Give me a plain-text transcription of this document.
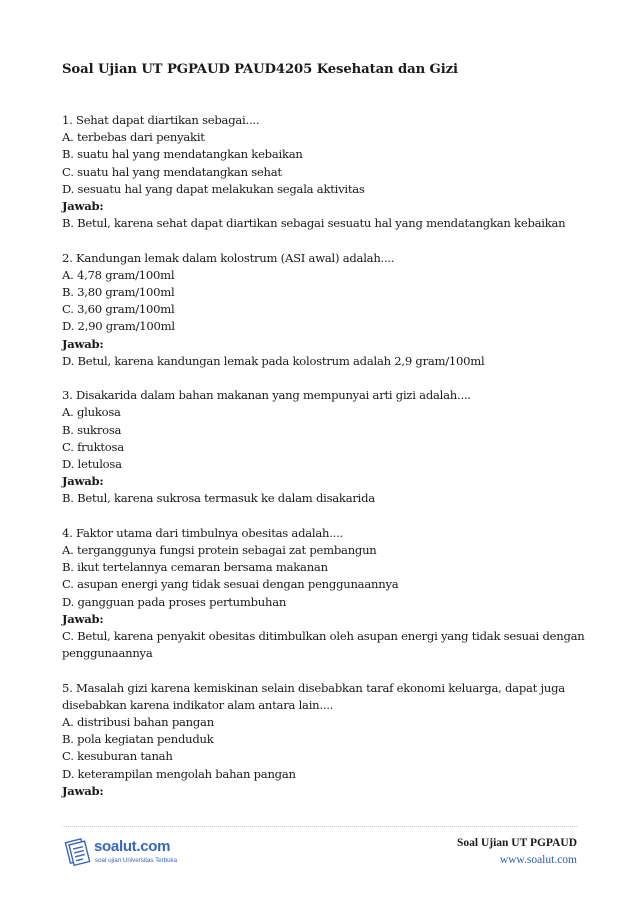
Soal Ujian UT PGPAUD PAUD4205 Kesehatan dan Gizi
1. Sehat dapat diartikan sebagai....
A. terbebas dari penyakit
B. suatu hal yang mendatangkan kebaikan
C. suatu hal yang mendatangkan sehat
D. sesuatu hal yang dapat melakukan segala aktivitas
Jawab:
B. Betul, karena sehat dapat diartikan sebagai sesuatu hal yang mendatangkan kebaikan
2. Kandungan lemak dalam kolostrum (ASI awal) adalah....
A. 4,78 gram/100ml
B. 3,80 gram/100ml
C. 3,60 gram/100ml
D. 2,90 gram/100ml
Jawab:
D. Betul, karena kandungan lemak pada kolostrum adalah 2,9 gram/100ml
3. Disakarida dalam bahan makanan yang mempunyai arti gizi adalah....
A. glukosa
B. sukrosa
C. fruktosa
D. letulosa
Jawab:
B. Betul, karena sukrosa termasuk ke dalam disakarida
4. Faktor utama dari timbulnya obesitas adalah....
A. terganggunya fungsi protein sebagai zat pembangun
B. ikut tertelannya cemaran bersama makanan
C. asupan energi yang tidak sesuai dengan penggunaannya
D. gangguan pada proses pertumbuhan
Jawab:
C. Betul, karena penyakit obesitas ditimbulkan oleh asupan energi yang tidak sesuai dengan
penggunaannya
5. Masalah gizi karena kemiskinan selain disebabkan taraf ekonomi keluarga, dapat juga
disebabkan karena indikator alam antara lain....
A. distribusi bahan pangan
B. pola kegiatan penduduk
C. kesuburan tanah
D. keterampilan mengolah bahan pangan
Jawab:
soalut.com
soal ujian Universitas Terbuka
Soal Ujian UT PGPAUD
www.soalut.com
